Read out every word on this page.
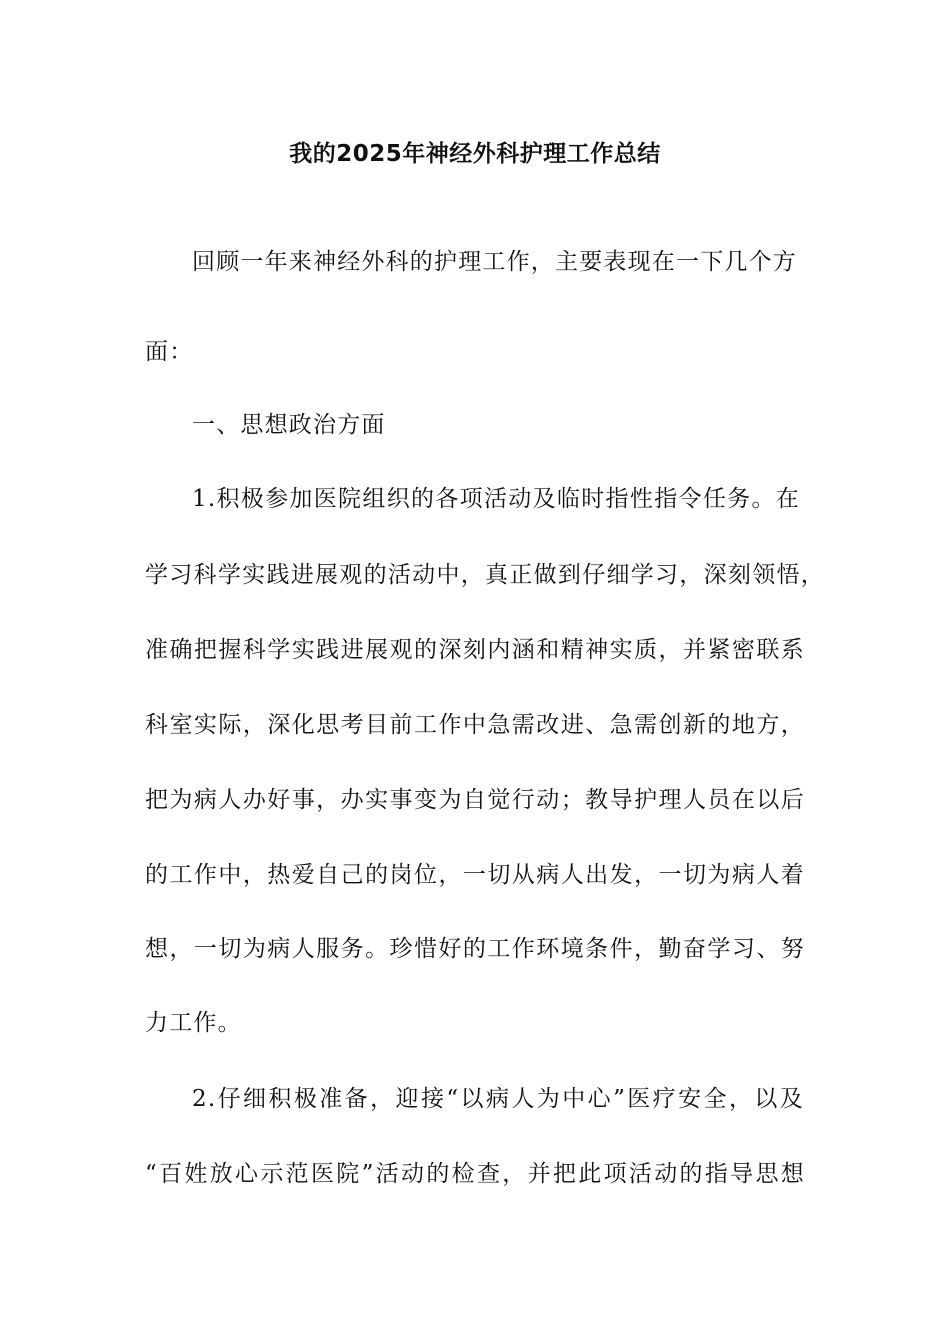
我的2025年神经外科护理工作总结
回顾一年来神经外科的护理工作，主要表现在一下几个方
面：
一、思想政治方面
1.积极参加医院组织的各项活动及临时指性指令任务。在
学习科学实践进展观的活动中，真正做到仔细学习，深刻领悟，
准确把握科学实践进展观的深刻内涵和精神实质，并紧密联系
科室实际，深化思考目前工作中急需改进、急需创新的地方，
把为病人办好事，办实事变为自觉行动；教导护理人员在以后
的工作中，热爱自己的岗位，一切从病人出发，一切为病人着
想，一切为病人服务。珍惜好的工作环境条件，勤奋学习、努
力工作。
2.仔细积极准备，迎接“以病人为中心”医疗安全，以及
“百姓放心示范医院”活动的检查，并把此项活动的指导思想
